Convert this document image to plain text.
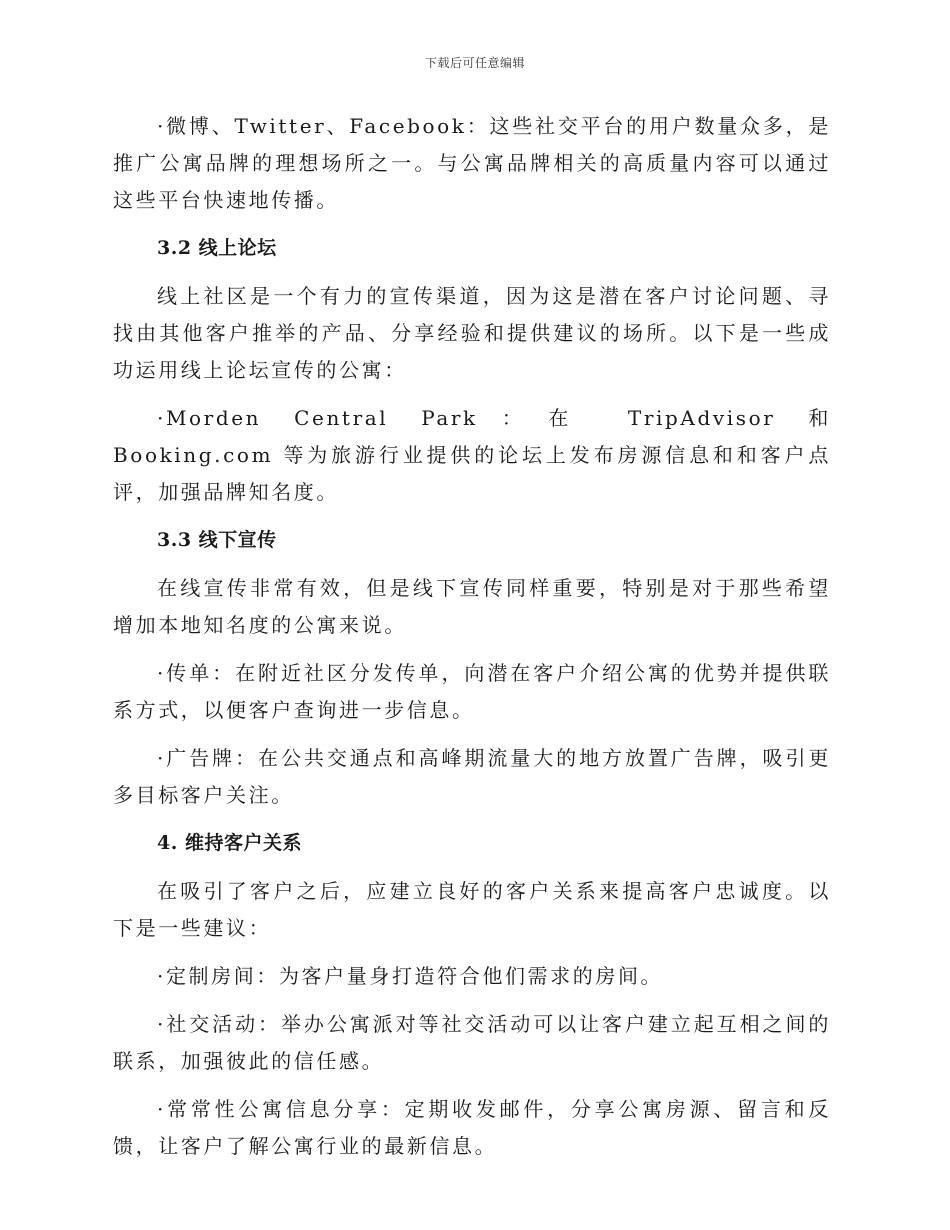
下载后可任意编辑

·微博、Twitter、Facebook：这些社交平台的用户数量众多，是推广公寓品牌的理想场所之一。与公寓品牌相关的高质量内容可以通过这些平台快速地传播。

3.2 线上论坛

线上社区是一个有力的宣传渠道，因为这是潜在客户讨论问题、寻找由其他客户推举的产品、分享经验和提供建议的场所。以下是一些成功运用线上论坛宣传的公寓：

·Morden Central Park：在 TripAdvisor 和 Booking.com 等为旅游行业提供的论坛上发布房源信息和和客户点评，加强品牌知名度。

3.3 线下宣传

在线宣传非常有效，但是线下宣传同样重要，特别是对于那些希望增加本地知名度的公寓来说。

·传单：在附近社区分发传单，向潜在客户介绍公寓的优势并提供联系方式，以便客户查询进一步信息。

·广告牌：在公共交通点和高峰期流量大的地方放置广告牌，吸引更多目标客户关注。

4. 维持客户关系

在吸引了客户之后，应建立良好的客户关系来提高客户忠诚度。以下是一些建议：

·定制房间：为客户量身打造符合他们需求的房间。

·社交活动：举办公寓派对等社交活动可以让客户建立起互相之间的联系，加强彼此的信任感。

·常常性公寓信息分享：定期收发邮件，分享公寓房源、留言和反馈，让客户了解公寓行业的最新信息。
